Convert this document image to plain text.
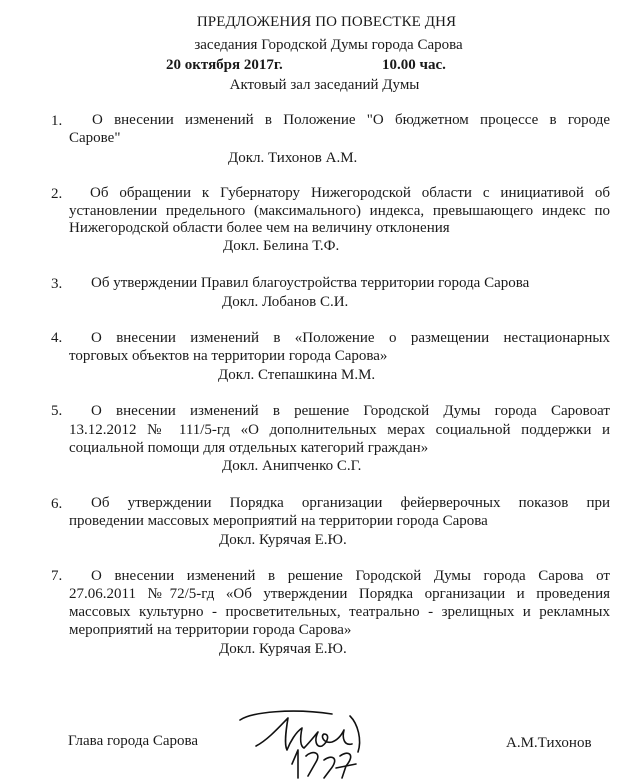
ПРЕДЛОЖЕНИЯ ПО ПОВЕСТКЕ ДНЯ
заседания Городской Думы города Сарова
20 октября 2017г.	10.00 час.
Актовый зал заседаний Думы
1. О внесении изменений в Положение "О бюджетном процессе в городе
Сарове"
Докл. Тихонов А.М.
2. Об обращении к Губернатору Нижегородской области с инициативой об
установлении предельного (максимального) индекса, превышающего индекс по
Нижегородской области более чем на величину отклонения
Докл. Белина Т.Ф.
3. Об утверждении Правил благоустройства территории города Сарова
Докл. Лобанов С.И.
4. О внесении изменений в «Положение о размещении нестационарных
торговых объектов на территории города Сарова»
Докл. Степашкина М.М.
5. О внесении изменений в решение Городской Думы города Саровоат
13.12.2012 № 111/5-гд «О дополнительных мерах социальной поддержки и
социальной помощи для отдельных категорий граждан»
Докл. Анипченко С.Г.
6. Об утверждении Порядка организации фейерверочных показов при
проведении массовых мероприятий на территории города Сарова
Докл. Курячая Е.Ю.
7. О внесении изменений в решение Городской Думы города Сарова от
27.06.2011 №72/5-гд «Об утверждении Порядка организации и проведения
массовых культурно - просветительных, театрально - зрелищных и рекламных
мероприятий на территории города Сарова»
Докл. Курячая Е.Ю.
Глава города Сарова	А.М.Тихонов
